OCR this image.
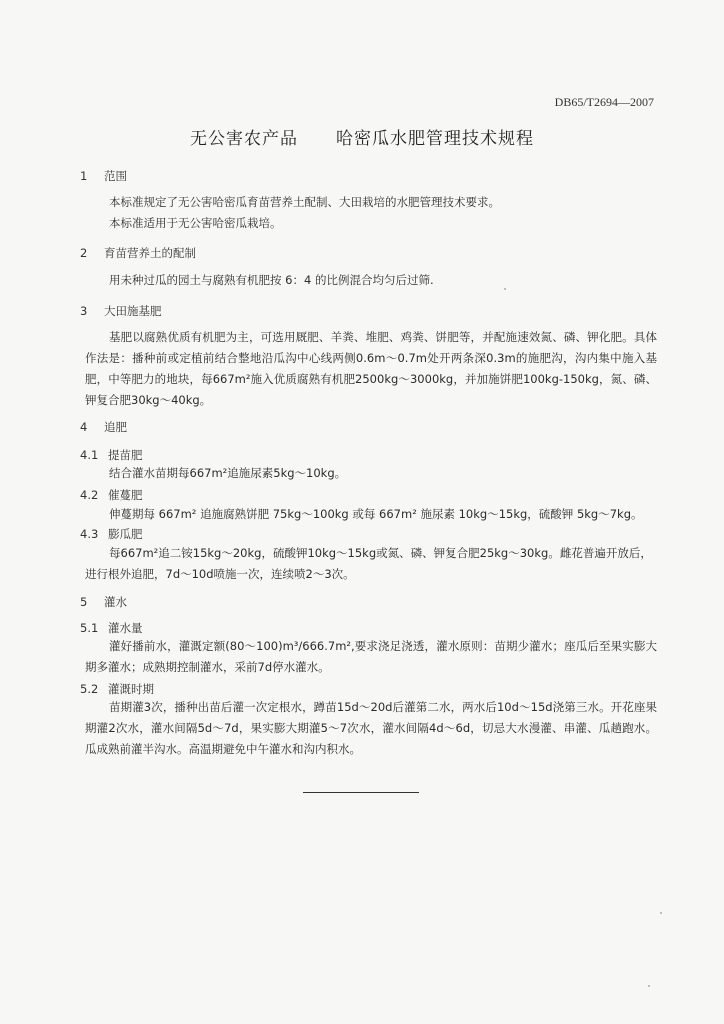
DB65/T2694—2007
无公害农产品 哈密瓜水肥管理技术规程
1 范围
本标准规定了无公害哈密瓜育苗营养土配制、大田栽培的水肥管理技术要求。
本标准适用于无公害哈密瓜栽培。
2 育苗营养土的配制
用未种过瓜的园土与腐熟有机肥按 6：4 的比例混合均匀后过筛.
3 大田施基肥
基肥以腐熟优质有机肥为主，可选用厩肥、羊粪、堆肥、鸡粪、饼肥等，并配施速效氮、磷、钾化肥。具体作法是：播种前或定植前结合整地沿瓜沟中心线两侧0.6m～0.7m处开两条深0.3m的施肥沟，沟内集中施入基肥，中等肥力的地块，每667m²施入优质腐熟有机肥2500kg～3000kg，并加施饼肥100kg-150kg，氮、磷、钾复合肥30kg～40kg。
4 追肥
4.1 提苗肥
结合灌水苗期每667m²追施尿素5kg～10kg。
4.2 催蔓肥
伸蔓期每 667m² 追施腐熟饼肥 75kg～100kg 或每 667m² 施尿素 10kg～15kg，硫酸钾 5kg～7kg。
4.3 膨瓜肥
每667m²追二铵15kg～20kg，硫酸钾10kg～15kg或氮、磷、钾复合肥25kg～30kg。雌花普遍开放后，
进行根外追肥，7d～10d喷施一次，连续喷2～3次。
5 灌水
5.1 灌水量
灌好播前水，灌溉定额(80～100)m³/666.7m²,要求浇足浇透，灌水原则：苗期少灌水；座瓜后至果实膨大期多灌水；成熟期控制灌水，采前7d停水灌水。
5.2 灌溉时期
苗期灌3次，播种出苗后灌一次定根水，蹲苗15d～20d后灌第二水，两水后10d～15d浇第三水。开花座果期灌2次水，灌水间隔5d～7d，果实膨大期灌5～7次水，灌水间隔4d～6d，切忌大水漫灌、串灌、瓜趟跑水。瓜成熟前灌半沟水。高温期避免中午灌水和沟内积水。
